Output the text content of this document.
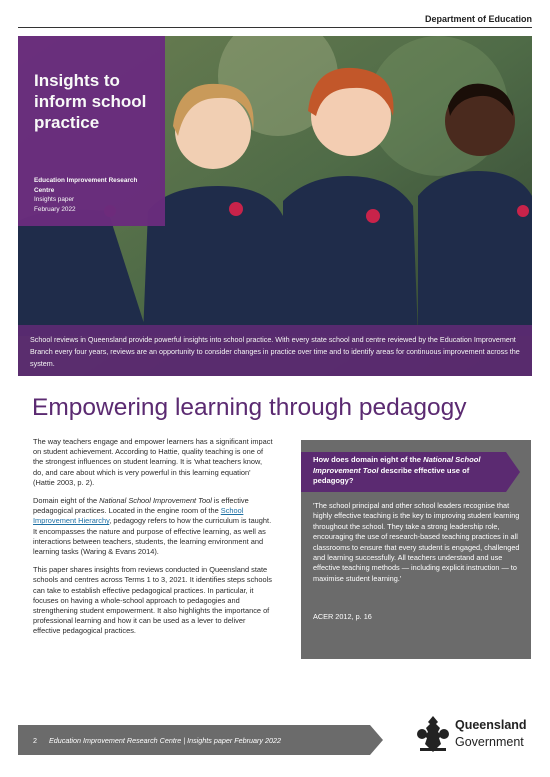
Department of Education
Insights to inform school practice
Education Improvement Research Centre
Insights paper
February 2022

School reviews in Queensland provide powerful insights into school practice. With every state school and centre reviewed by the Education Improvement Branch every four years, reviews are an opportunity to consider changes in practice over time and to identify areas for continuous improvement across the system.

Empowering learning through pedagogy

The way teachers engage and empower learners has a significant impact on student achievement. According to Hattie, quality teaching is one of the strongest influences on student learning. It is 'what teachers know, do, and care about which is very powerful in this learning equation' (Hattie 2003, p. 2).

Domain eight of the National School Improvement Tool is effective pedagogical practices. Located in the engine room of the School Improvement Hierarchy, pedagogy refers to how the curriculum is taught. It encompasses the nature and purpose of effective learning, as well as interactions between teachers, students, the learning environment and learning tasks (Waring & Evans 2014).

This paper shares insights from reviews conducted in Queensland state schools and centres across Terms 1 to 3, 2021. It identifies steps schools can take to establish effective pedagogical practices. In particular, it focuses on having a whole-school approach to pedagogies and strengthening student empowerment. It also highlights the importance of professional learning and how it can be used as a lever to deliver effective pedagogical practices.

How does domain eight of the National School Improvement Tool describe effective use of pedagogy?
'The school principal and other school leaders recognise that highly effective teaching is the key to improving student learning throughout the school. They take a strong leadership role, encouraging the use of research-based teaching practices in all classrooms to ensure that every student is engaged, challenged and learning successfully. All teachers understand and use effective teaching methods — including explicit instruction — to maximise student learning.'
ACER 2012, p. 16
2 Education Improvement Research Centre | Insights paper February 2022
Queensland
Government
